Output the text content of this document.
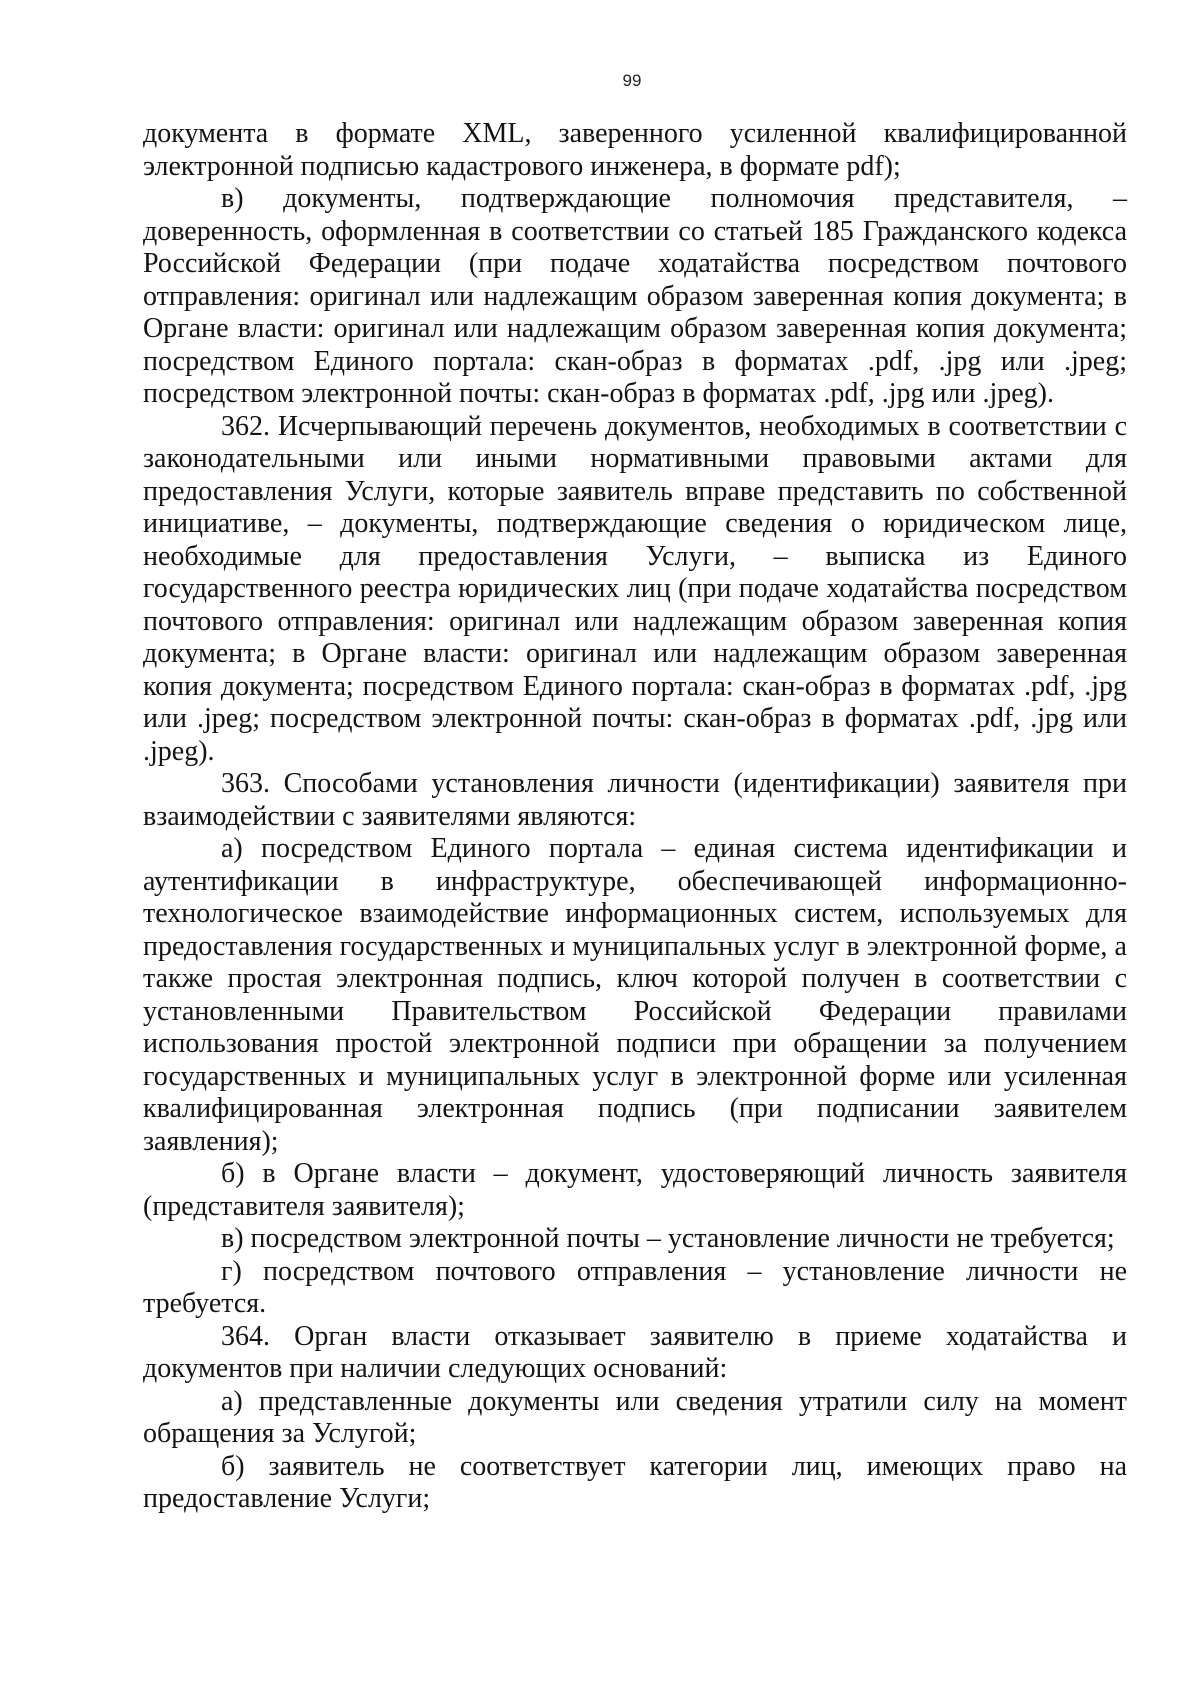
99

документа в формате XML, заверенного усиленной квалифицированной электронной подписью кадастрового инженера, в формате pdf);

в) документы, подтверждающие полномочия представителя, – доверенность, оформленная в соответствии со статьей 185 Гражданского кодекса Российской Федерации (при подаче ходатайства посредством почтового отправления: оригинал или надлежащим образом заверенная копия документа; в Органе власти: оригинал или надлежащим образом заверенная копия документа; посредством Единого портала: скан-образ в форматах .pdf, .jpg или .jpeg; посредством электронной почты: скан-образ в форматах .pdf, .jpg или .jpeg).

362. Исчерпывающий перечень документов, необходимых в соответствии с законодательными или иными нормативными правовыми актами для предоставления Услуги, которые заявитель вправе представить по собственной инициативе, – документы, подтверждающие сведения о юридическом лице, необходимые для предоставления Услуги, – выписка из Единого государственного реестра юридических лиц (при подаче ходатайства посредством почтового отправления: оригинал или надлежащим образом заверенная копия документа; в Органе власти: оригинал или надлежащим образом заверенная копия документа; посредством Единого портала: скан-образ в форматах .pdf, .jpg или .jpeg; посредством электронной почты: скан-образ в форматах .pdf, .jpg или .jpeg).

363. Способами установления личности (идентификации) заявителя при взаимодействии с заявителями являются:

а) посредством Единого портала – единая система идентификации и аутентификации в инфраструктуре, обеспечивающей информационно-технологическое взаимодействие информационных систем, используемых для предоставления государственных и муниципальных услуг в электронной форме, а также простая электронная подпись, ключ которой получен в соответствии с установленными Правительством Российской Федерации правилами использования простой электронной подписи при обращении за получением государственных и муниципальных услуг в электронной форме или усиленная квалифицированная электронная подпись (при подписании заявителем заявления);

б) в Органе власти – документ, удостоверяющий личность заявителя (представителя заявителя);

в) посредством электронной почты – установление личности не требуется;

г) посредством почтового отправления – установление личности не требуется.

364. Орган власти отказывает заявителю в приеме ходатайства и документов при наличии следующих оснований:

а) представленные документы или сведения утратили силу на момент обращения за Услугой;

б) заявитель не соответствует категории лиц, имеющих право на предоставление Услуги;
